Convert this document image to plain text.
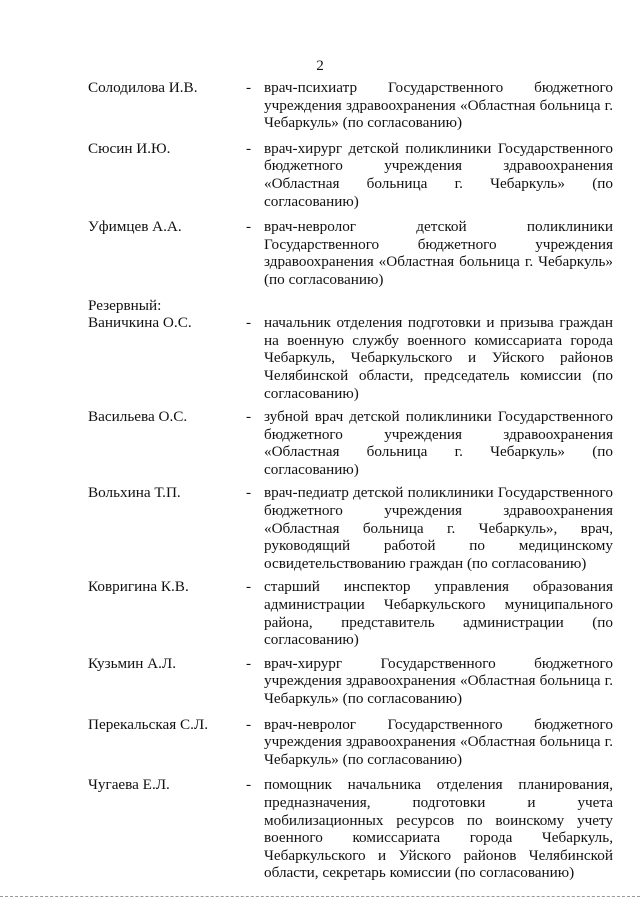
2
Солодилова И.В.	- врач-психиатр Государственного бюджетного учреждения здравоохранения «Областная больница г. Чебаркуль» (по согласованию)
Сюсин И.Ю.	- врач-хирург детской поликлиники Государственного бюджетного учреждения здравоохранения «Областная больница г. Чебаркуль» (по согласованию)
Уфимцев А.А.	- врач-невролог детской поликлиники Государственного бюджетного учреждения здравоохранения «Областная больница г. Чебаркуль» (по согласованию)
Резервный:
Ваничкина О.С.	- начальник отделения подготовки и призыва граждан на военную службу военного комиссариата города Чебаркуль, Чебаркульского и Уйского районов Челябинской области, председатель комиссии (по согласованию)
Васильева О.С.	- зубной врач детской поликлиники Государственного бюджетного учреждения здравоохранения «Областная больница г. Чебаркуль» (по согласованию)
Вольхина Т.П.	- врач-педиатр детской поликлиники Государственного бюджетного учреждения здравоохранения «Областная больница г. Чебаркуль», врач, руководящий работой по медицинскому освидетельствованию граждан (по согласованию)
Ковригина К.В.	- старший инспектор управления образования администрации Чебаркульского муниципального района, представитель администрации (по согласованию)
Кузьмин А.Л.	- врач-хирург Государственного бюджетного учреждения здравоохранения «Областная больница г. Чебаркуль» (по согласованию)
Перекальская С.Л.	- врач-невролог Государственного бюджетного учреждения здравоохранения «Областная больница г. Чебаркуль» (по согласованию)
Чугаева Е.Л.	- помощник начальника отделения планирования, предназначения, подготовки и учета мобилизационных ресурсов по воинскому учету военного комиссариата города Чебаркуль, Чебаркульского и Уйского районов Челябинской области, секретарь комиссии (по согласованию)
